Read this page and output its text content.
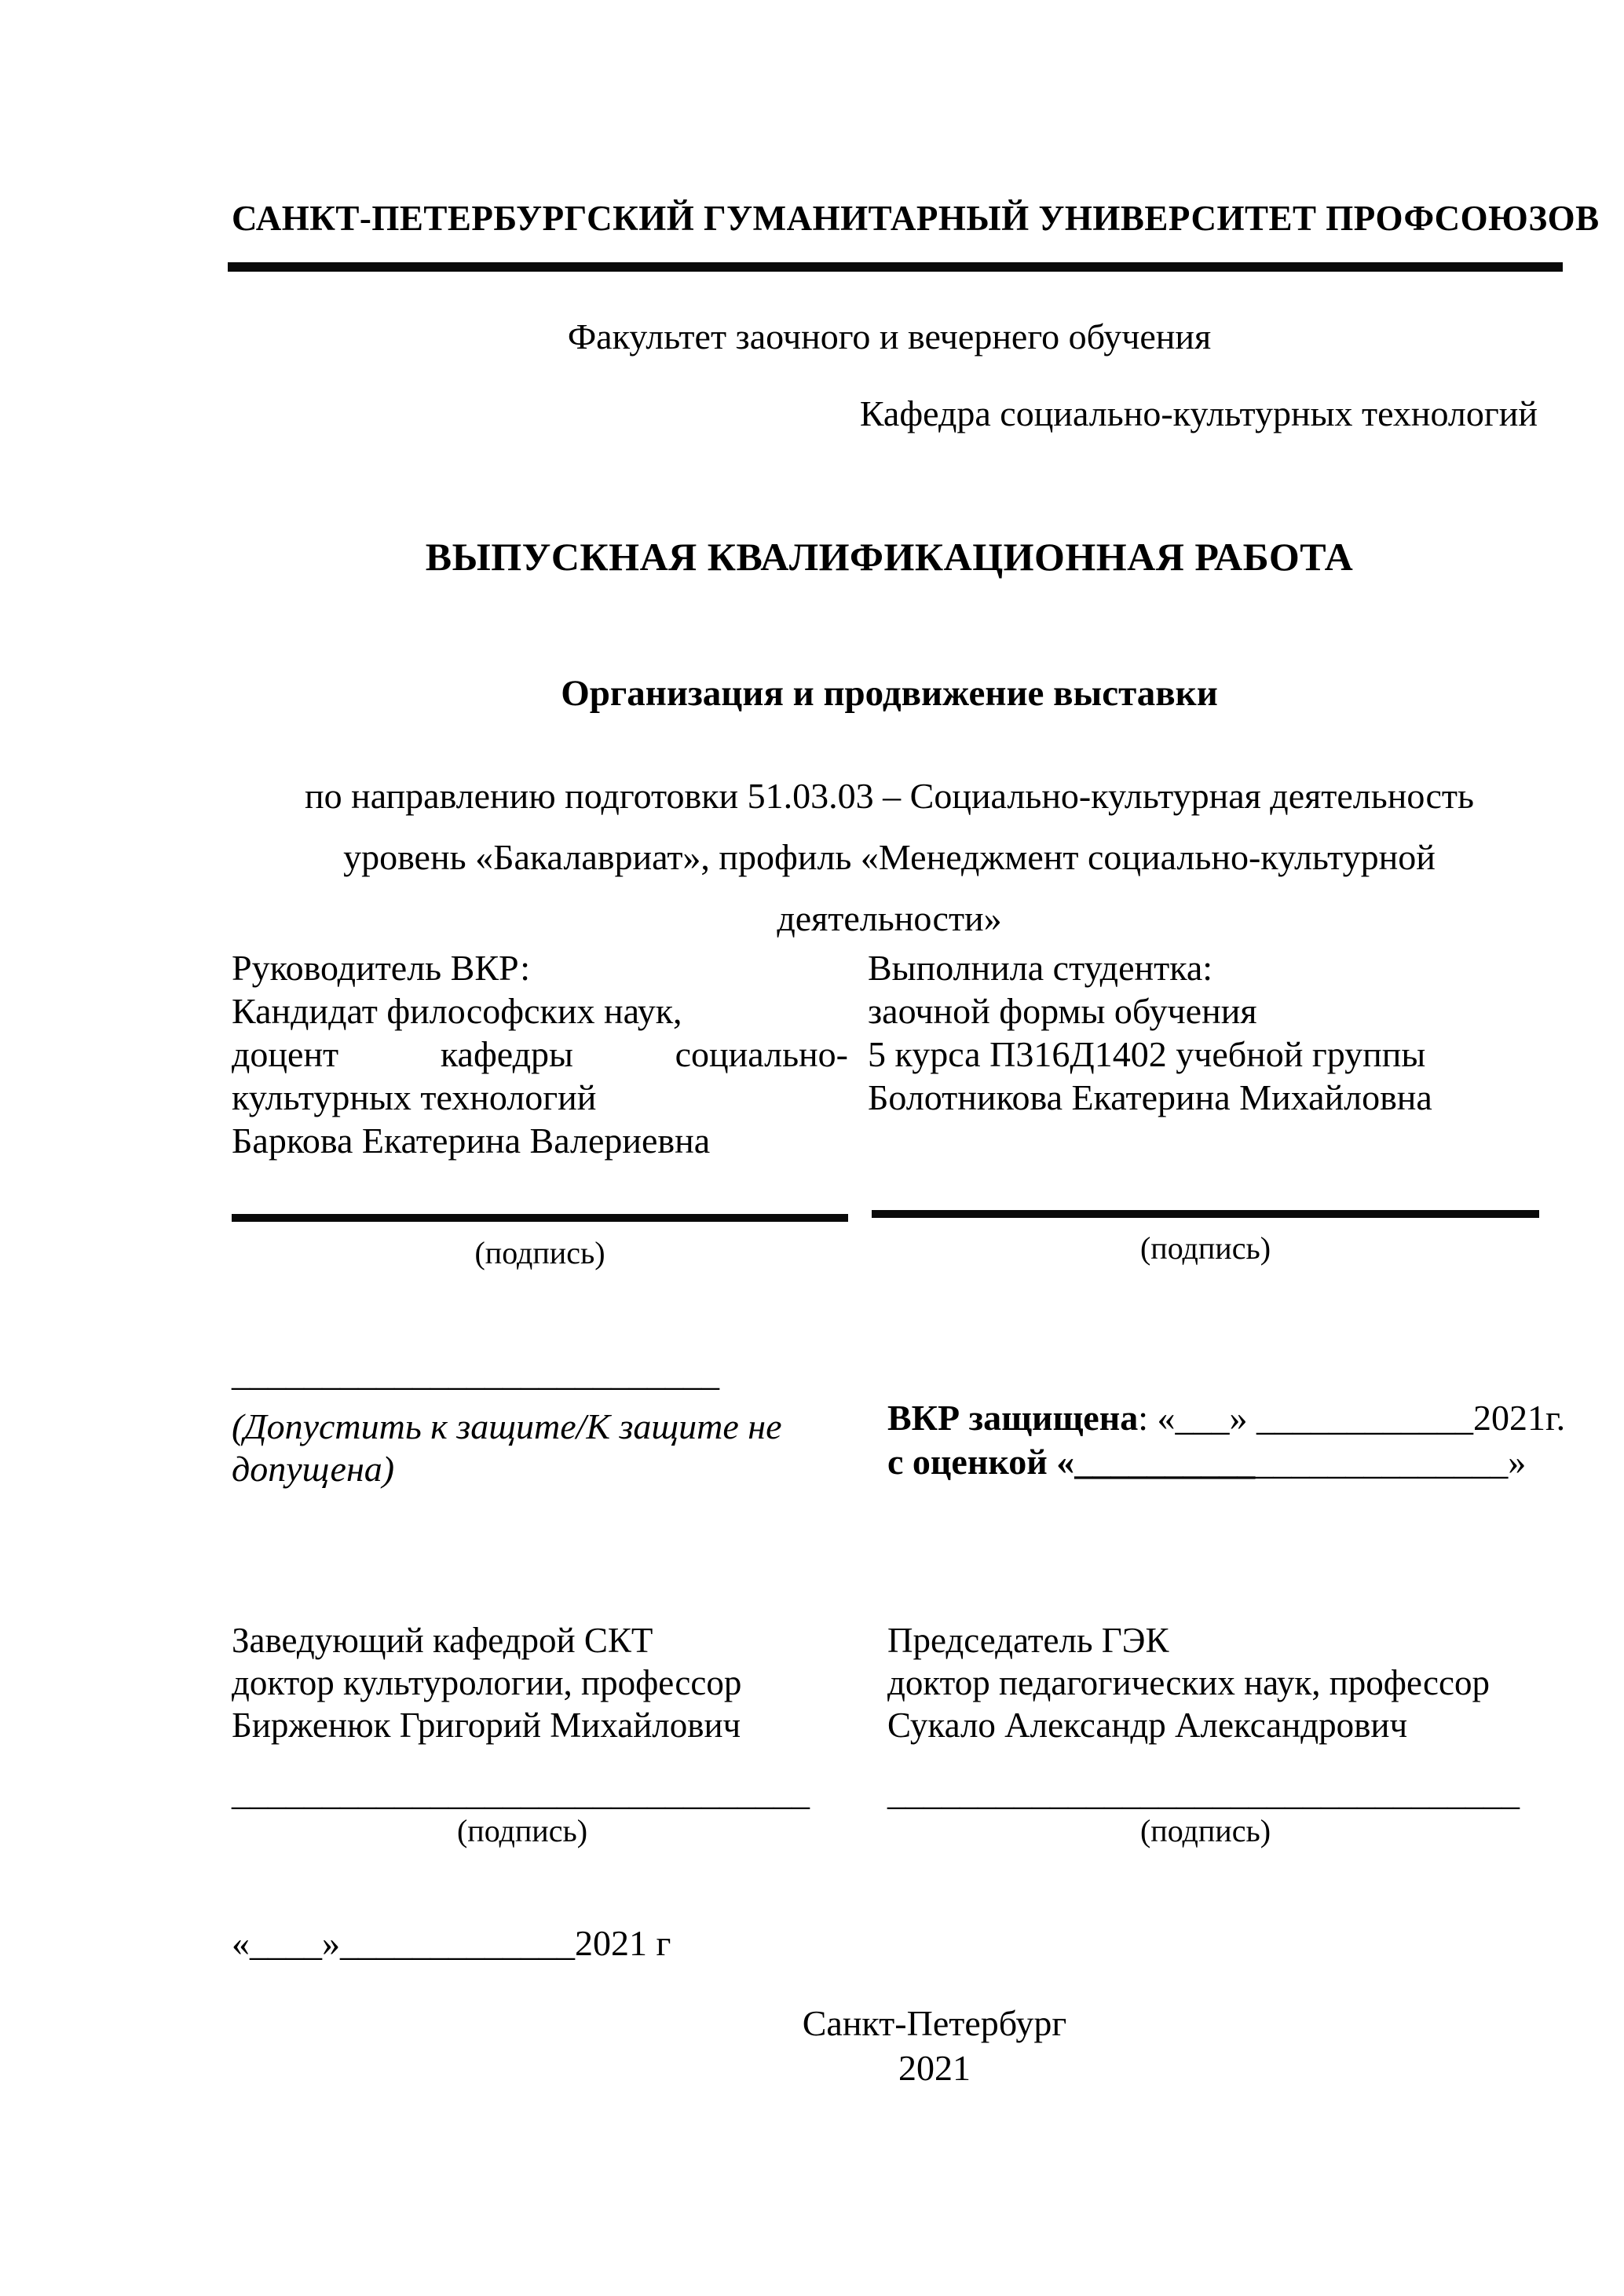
САНКТ-ПЕТЕРБУРГСКИЙ ГУМАНИТАРНЫЙ УНИВЕРСИТЕТ ПРОФСОЮЗОВ
Факультет заочного и вечернего обучения
Кафедра социально-культурных технологий
ВЫПУСКНАЯ КВАЛИФИКАЦИОННАЯ РАБОТА
Организация и продвижение выставки
по направлению подготовки 51.03.03 – Социально-культурная деятельность
уровень «Бакалавриат», профиль «Менеджмент социально-культурной
деятельности»
Руководитель ВКР:
Кандидат философских наук,
доцент	кафедры	социально-
культурных технологий
Баркова Екатерина Валериевна
Выполнила студентка:
заочной формы обучения
5 курса П316Д1402 учебной группы
Болотникова Екатерина Михайловна
(подпись)	(подпись)
___________________________
(Допустить к защите/К защите не
допущена)
ВКР защищена: «___» ____________2021г.
с оценкой «________________________»
Заведующий кафедрой СКТ
доктор культурологии, профессор
Бирженюк Григорий Михайлович
Председатель ГЭК
доктор педагогических наук, профессор
Сукало Александр Александрович
________________________________	___________________________________
(подпись)	(подпись)
«____»_____________2021 г
Санкт-Петербург
2021
